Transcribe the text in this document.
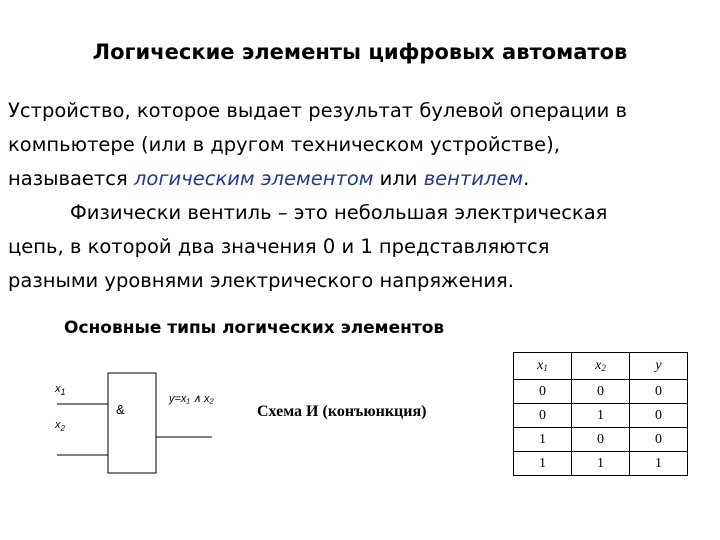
Логические элементы цифровых автоматов
Устройство, которое выдает результат булевой операции в
компьютере (или в другом техническом устройстве),
называется логическим элементом или вентилем.
Физически вентиль – это небольшая электрическая
цепь, в которой два значения 0 и 1 представляются
разными уровнями электрического напряжения.
Основные типы логических элементов
$x_1$
$x_2$
&
y=x₁ ∧ x₂
Схема И (конъюнкция)
$x_1$	$x_2$	y
0	0	0
0	1	0
1	0	0
1	1	1
